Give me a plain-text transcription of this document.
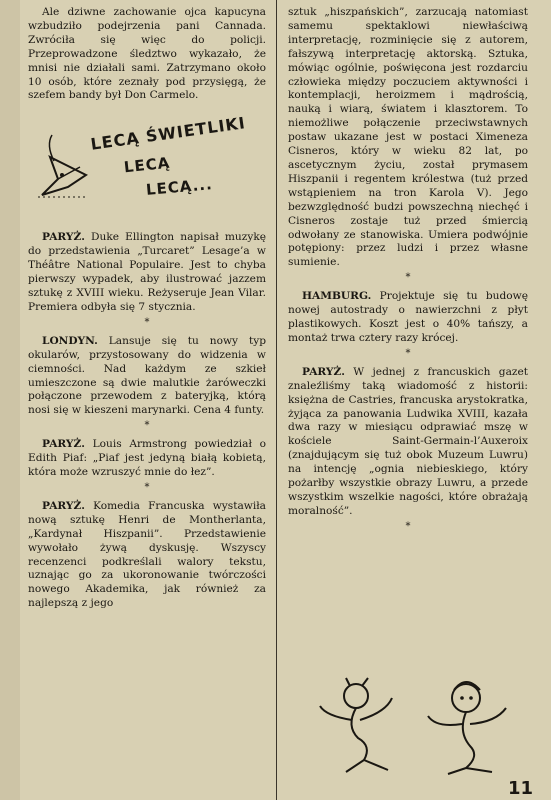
Ale dziwne zachowanie ojca kapucyna wzbudziło podejrzenia pani Cannada. Zwróciła się więc do policji. Przeprowadzone śledztwo wykazało, że mnisi nie działali sami. Zatrzymano około 10 osób, które zeznały pod przysięgą, że szefem bandy był Don Carmelo.

LECĄ ŚWIETLIKI
LECĄ
LECĄ...

PARYŻ. Duke Ellington napisał muzykę do przedstawienia „Turcaret” Lesage’a w Théâtre National Populaire. Jest to chyba pierwszy wypadek, aby ilustrować jazzem sztukę z XVIII wieku. Reżyseruje Jean Vilar. Premiera odbyła się 7 stycznia.

*

LONDYN. Lansuje się tu nowy typ okularów, przystosowany do widzenia w ciemności. Nad każdym ze szkieł umieszczone są dwie malutkie żaróweczki połączone przewodem z bateryjką, którą nosi się w kieszeni marynarki. Cena 4 funty.

*

PARYŻ. Louis Armstrong powiedział o Edith Piaf: „Piaf jest jedyną białą kobietą, która może wzruszyć mnie do łez”.

*

PARYŻ. Komedia Francuska wystawiła nową sztukę Henri de Montherlanta, „Kardynał Hiszpanii”. Przedstawienie wywołało żywą dyskusję. Wszyscy recenzenci podkreślali walory tekstu, uznając go za ukoronowanie twórczości nowego Akademika, jak również za najlepszą z jego

sztuk „hiszpańskich”, zarzucają natomiast samemu spektaklowi niewłaściwą interpretację, rozminięcie się z autorem, fałszywą interpretację aktorską. Sztuka, mówiąc ogólnie, poświęcona jest rozdarciu człowieka między poczuciem aktywności i kontemplacji, heroizmem i mądrością, nauką i wiarą, światem i klasztorem. To niemożliwe połączenie przeciwstawnych postaw ukazane jest w postaci Ximeneza Cisneros, który w wieku 82 lat, po ascetycznym życiu, został prymasem Hiszpanii i regentem królestwa (tuż przed wstąpieniem na tron Karola V). Jego bezwzględność budzi powszechną niechęć i Cisneros zostaje tuż przed śmiercią odwołany ze stanowiska. Umiera podwójnie potępiony: przez ludzi i przez własne sumienie.

*

HAMBURG. Projektuje się tu budowę nowej autostrady o nawierzchni z płyt plastikowych. Koszt jest o 40% tańszy, a montaż trwa cztery razy krócej.

*

PARYŻ. W jednej z francuskich gazet znaleźliśmy taką wiadomość z historii: księżna de Castries, francuska arystokratka, żyjąca za panowania Ludwika XVIII, kazała dwa razy w miesiącu odprawiać mszę w kościele Saint-Germain-l’Auxeroix (znajdującym się tuż obok Muzeum Luwru) na intencję „ognia niebieskiego, który pożarłby wszystkie obrazy Luwru, a przede wszystkim wszelkie nagości, które obrażają moralność”.

*
11
